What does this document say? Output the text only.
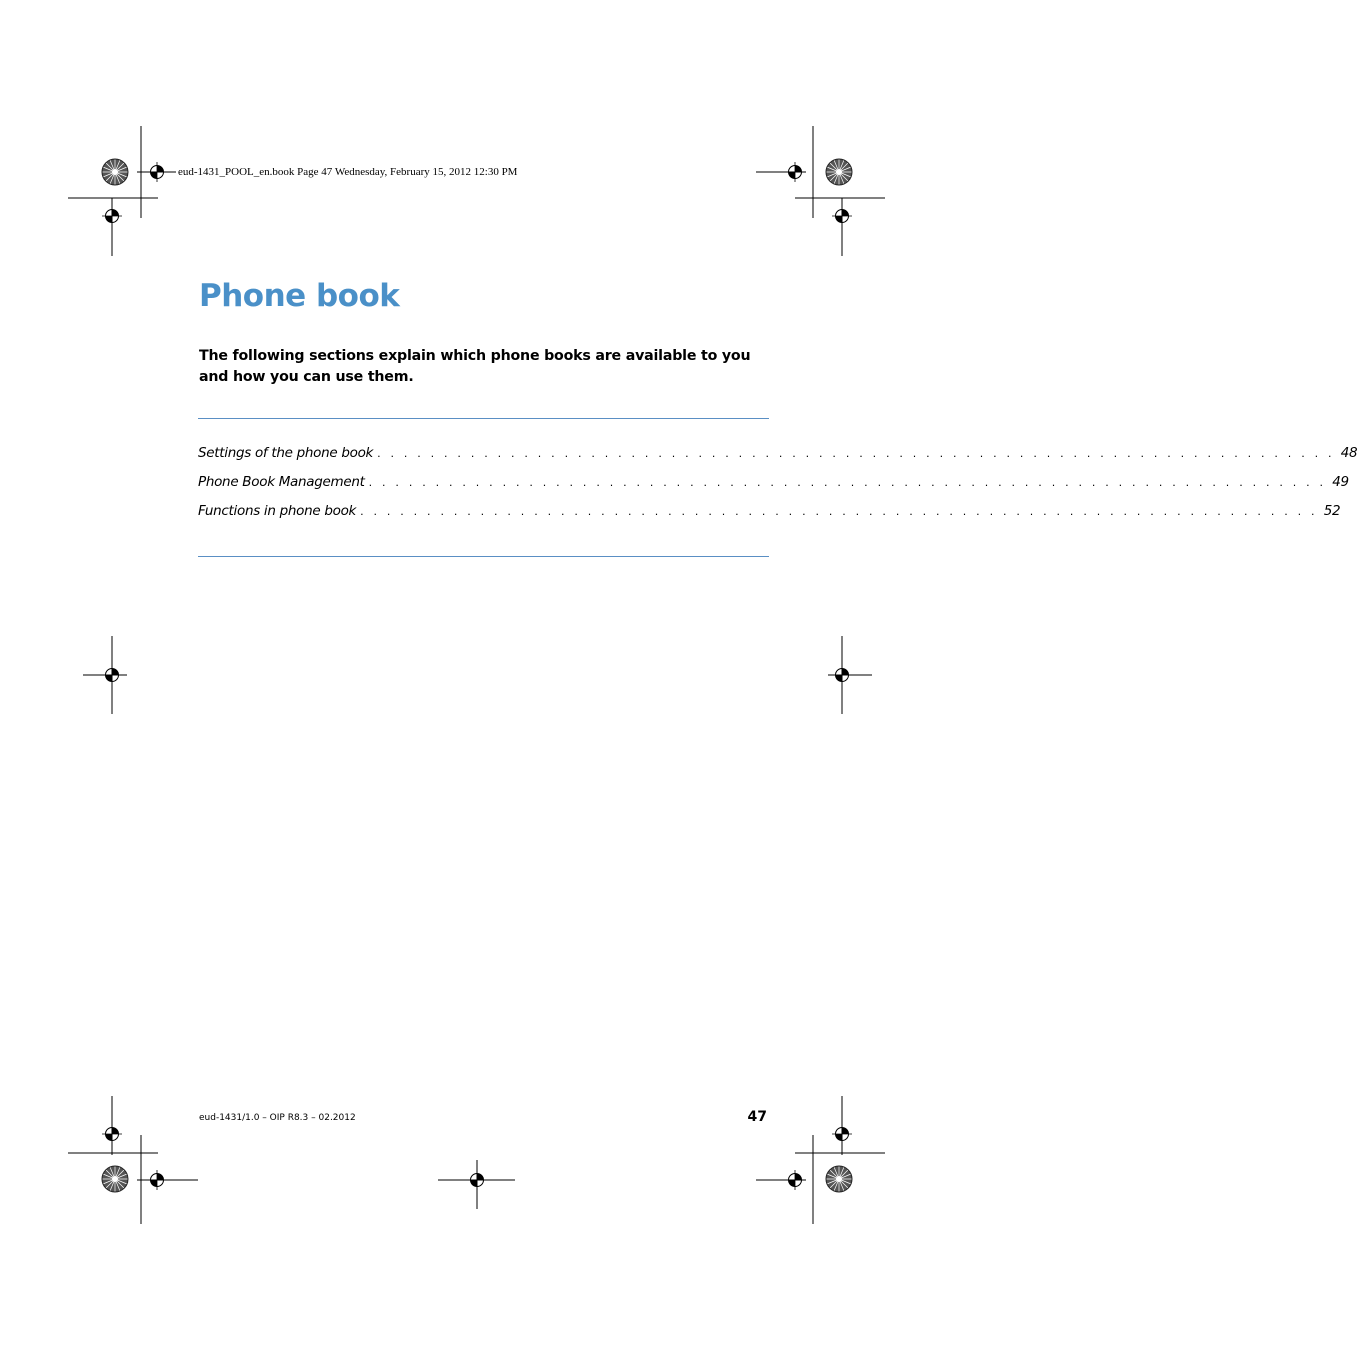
eud-1431_POOL_en.book Page 47 Wednesday, February 15, 2012 12:30 PM
Phone book

The following sections explain which phone books are available to you and how you can use them.

Settings of the phone book . . . . . . . . . . . . . . . . . . . . . . . . . . . . . . . . . . . . . . . . . . . . . . . . . . . . . . . . . . . . . . . . . . . . . . . . 48
Phone Book Management . . . . . . . . . . . . . . . . . . . . . . . . . . . . . . . . . . . . . . . . . . . . . . . . . . . . . . . . . . . . . . . . . . . . . . . . 49
Functions in phone book . . . . . . . . . . . . . . . . . . . . . . . . . . . . . . . . . . . . . . . . . . . . . . . . . . . . . . . . . . . . . . . . . . . . . . . . 52
eud-1431/1.0 – OIP R8.3 – 02.2012	47
